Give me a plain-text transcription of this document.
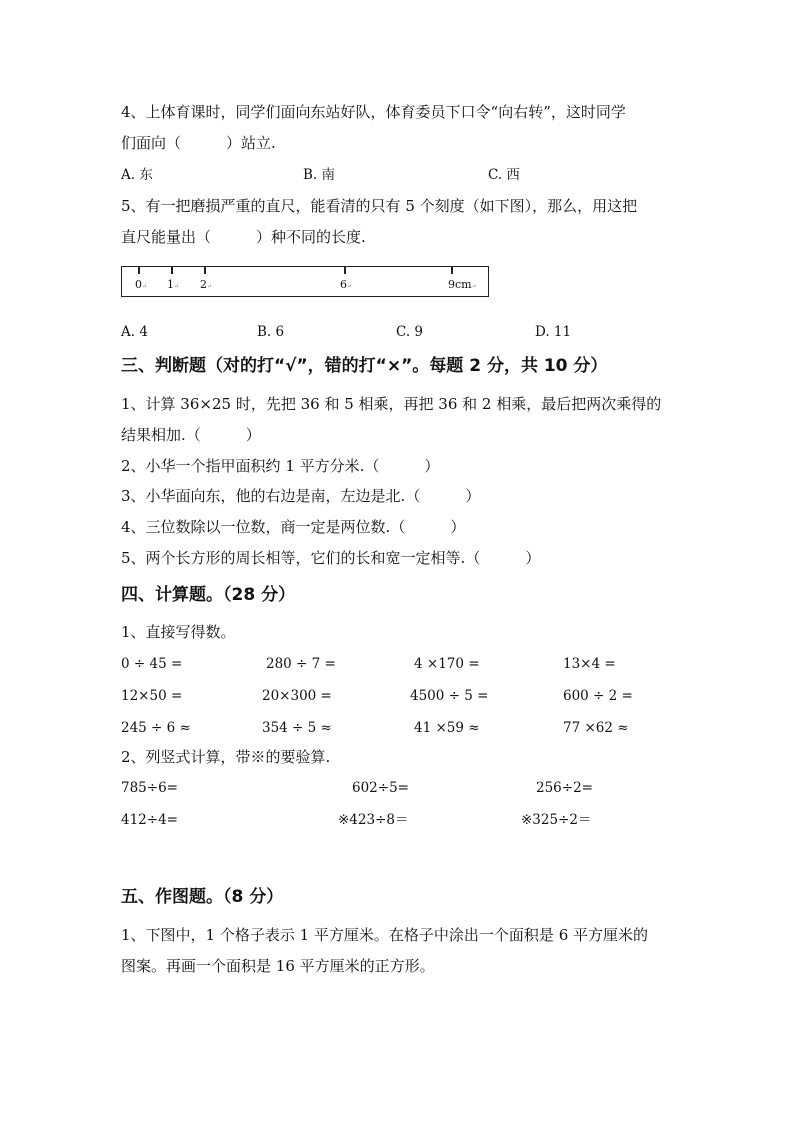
4、上体育课时，同学们面向东站好队，体育委员下口令“向右转”，这时同学
们面向（　　　）站立.
A. 东	B. 南	C. 西
5、有一把磨损严重的直尺，能看清的只有 5 个刻度（如下图），那么，用这把
直尺能量出（　　　）种不同的长度.
0↵ 1↵ 2↵	6↵	9cm↵
A. 4	B. 6	C. 9	D. 11
三、判断题（对的打“√”，错的打“×”。每题 2 分，共 10 分）
1、计算 36×25 时，先把 36 和 5 相乘，再把 36 和 2 相乘，最后把两次乘得的
结果相加.（　　　）
2、小华一个指甲面积约 1 平方分米.（　　　）
3、小华面向东，他的右边是南，左边是北.（　　　）
4、三位数除以一位数，商一定是两位数.（　　　）
5、两个长方形的周长相等，它们的长和宽一定相等.（　　　）
四、计算题。（28 分）
1、直接写得数。
0 ÷ 45 =	280 ÷ 7 =	4 ×170 =	13×4 =
12×50 =	20×300 =	4500 ÷ 5 =	600 ÷ 2 =
245 ÷ 6 ≈	354 ÷ 5 ≈	41 ×59 ≈	77 ×62 ≈
2、列竖式计算，带※的要验算.
785÷6=	602÷5=	256÷2=
412÷4=	※423÷8＝	※325÷2＝
五、作图题。（8 分）
1、下图中，1 个格子表示 1 平方厘米。在格子中涂出一个面积是 6 平方厘米的
图案。再画一个面积是 16 平方厘米的正方形。
